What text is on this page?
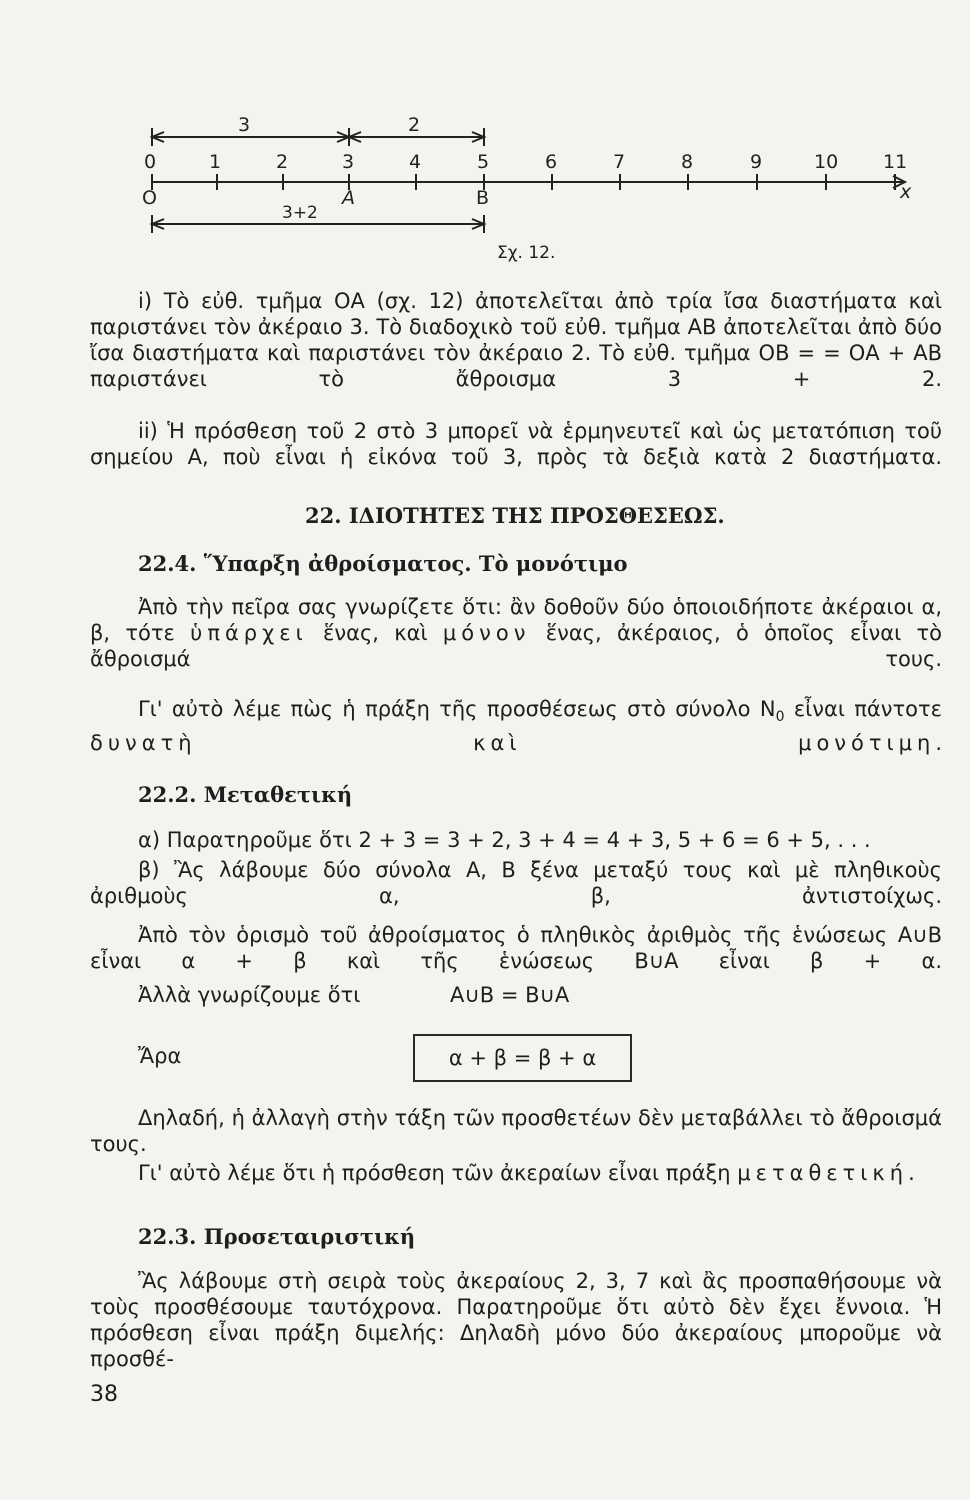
3	2
0	1	2	3	4	5	6	7	8	9	10 11
O	A	B	x
3+2

Σχ. 12.

i) Τὸ εὐθ. τμῆμα ΟΑ (σχ. 12) ἀποτελεῖται ἀπὸ τρία ἴσα διαστήματα καὶ παριστάνει τὸν ἀκέραιο 3. Τὸ διαδοχικὸ τοῦ εὐθ. τμῆμα ΑΒ ἀποτελεῖται ἀπὸ δύο ἴσα διαστήματα καὶ παριστάνει τὸν ἀκέραιο 2. Τὸ εὐθ. τμῆμα ΟΒ = = ΟΑ + ΑΒ παριστάνει τὸ ἄθροισμα 3 + 2.

ii) Ἡ πρόσθεση τοῦ 2 στὸ 3 μπορεῖ νὰ ἑρμηνευτεῖ καὶ ὡς μετατόπιση τοῦ σημείου Α, ποὺ εἶναι ἡ εἰκόνα τοῦ 3, πρὸς τὰ δεξιὰ κατὰ 2 διαστήματα.

22. ΙΔΙΟΤΗΤΕΣ ΤΗΣ ΠΡΟΣΘΕΣΕΩΣ.

22.4. Ὕπαρξη ἀθροίσματος. Τὸ μονότιμο

Ἀπὸ τὴν πεῖρα σας γνωρίζετε ὅτι: ἂν δοθοῦν δύο ὁποιοιδήποτε ἀκέραιοι α, β, τότε ὑπάρχει ἕνας, καὶ μόνον ἕνας, ἀκέραιος, ὁ ὁποῖος εἶναι τὸ ἄθροισμά τους.

Γι' αὐτὸ λέμε πὼς ἡ πράξη τῆς προσθέσεως στὸ σύνολο $N_0$ εἶναι πάντοτε δυνατὴ καὶ μονότιμη.

22.2. Μεταθετική

α) Παρατηροῦμε ὅτι 2 + 3 = 3 + 2, 3 + 4 = 4 + 3, 5 + 6 = 6 + 5, . . .

β) Ἂς λάβουμε δύο σύνολα Α, Β ξένα μεταξύ τους καὶ μὲ πληθικοὺς ἀριθμοὺς α, β, ἀντιστοίχως.

Ἀπὸ τὸν ὁρισμὸ τοῦ ἀθροίσματος ὁ πληθικὸς ἀριθμὸς τῆς ἑνώσεως Α∪Β εἶναι α + β καὶ τῆς ἑνώσεως Β∪Α εἶναι β + α.

Ἀλλὰ γνωρίζουμε ὅτι	Α∪Β = Β∪Α

Ἄρα	α + β = β + α

Δηλαδή, ἡ ἀλλαγὴ στὴν τάξη τῶν προσθετέων δὲν μεταβάλλει τὸ ἄθροισμά τους.

Γι' αὐτὸ λέμε ὅτι ἡ πρόσθεση τῶν ἀκεραίων εἶναι πράξη μεταθετική.

22.3. Προσεταιριστική

Ἂς λάβουμε στὴ σειρὰ τοὺς ἀκεραίους 2, 3, 7 καὶ ἂς προσπαθήσουμε νὰ τοὺς προσθέσουμε ταυτόχρονα. Παρατηροῦμε ὅτι αὐτὸ δὲν ἔχει ἔννοια. Ἡ πρόσθεση εἶναι πράξη διμελής: Δηλαδὴ μόνο δύο ἀκεραίους μποροῦμε νὰ προσθέ-

38
